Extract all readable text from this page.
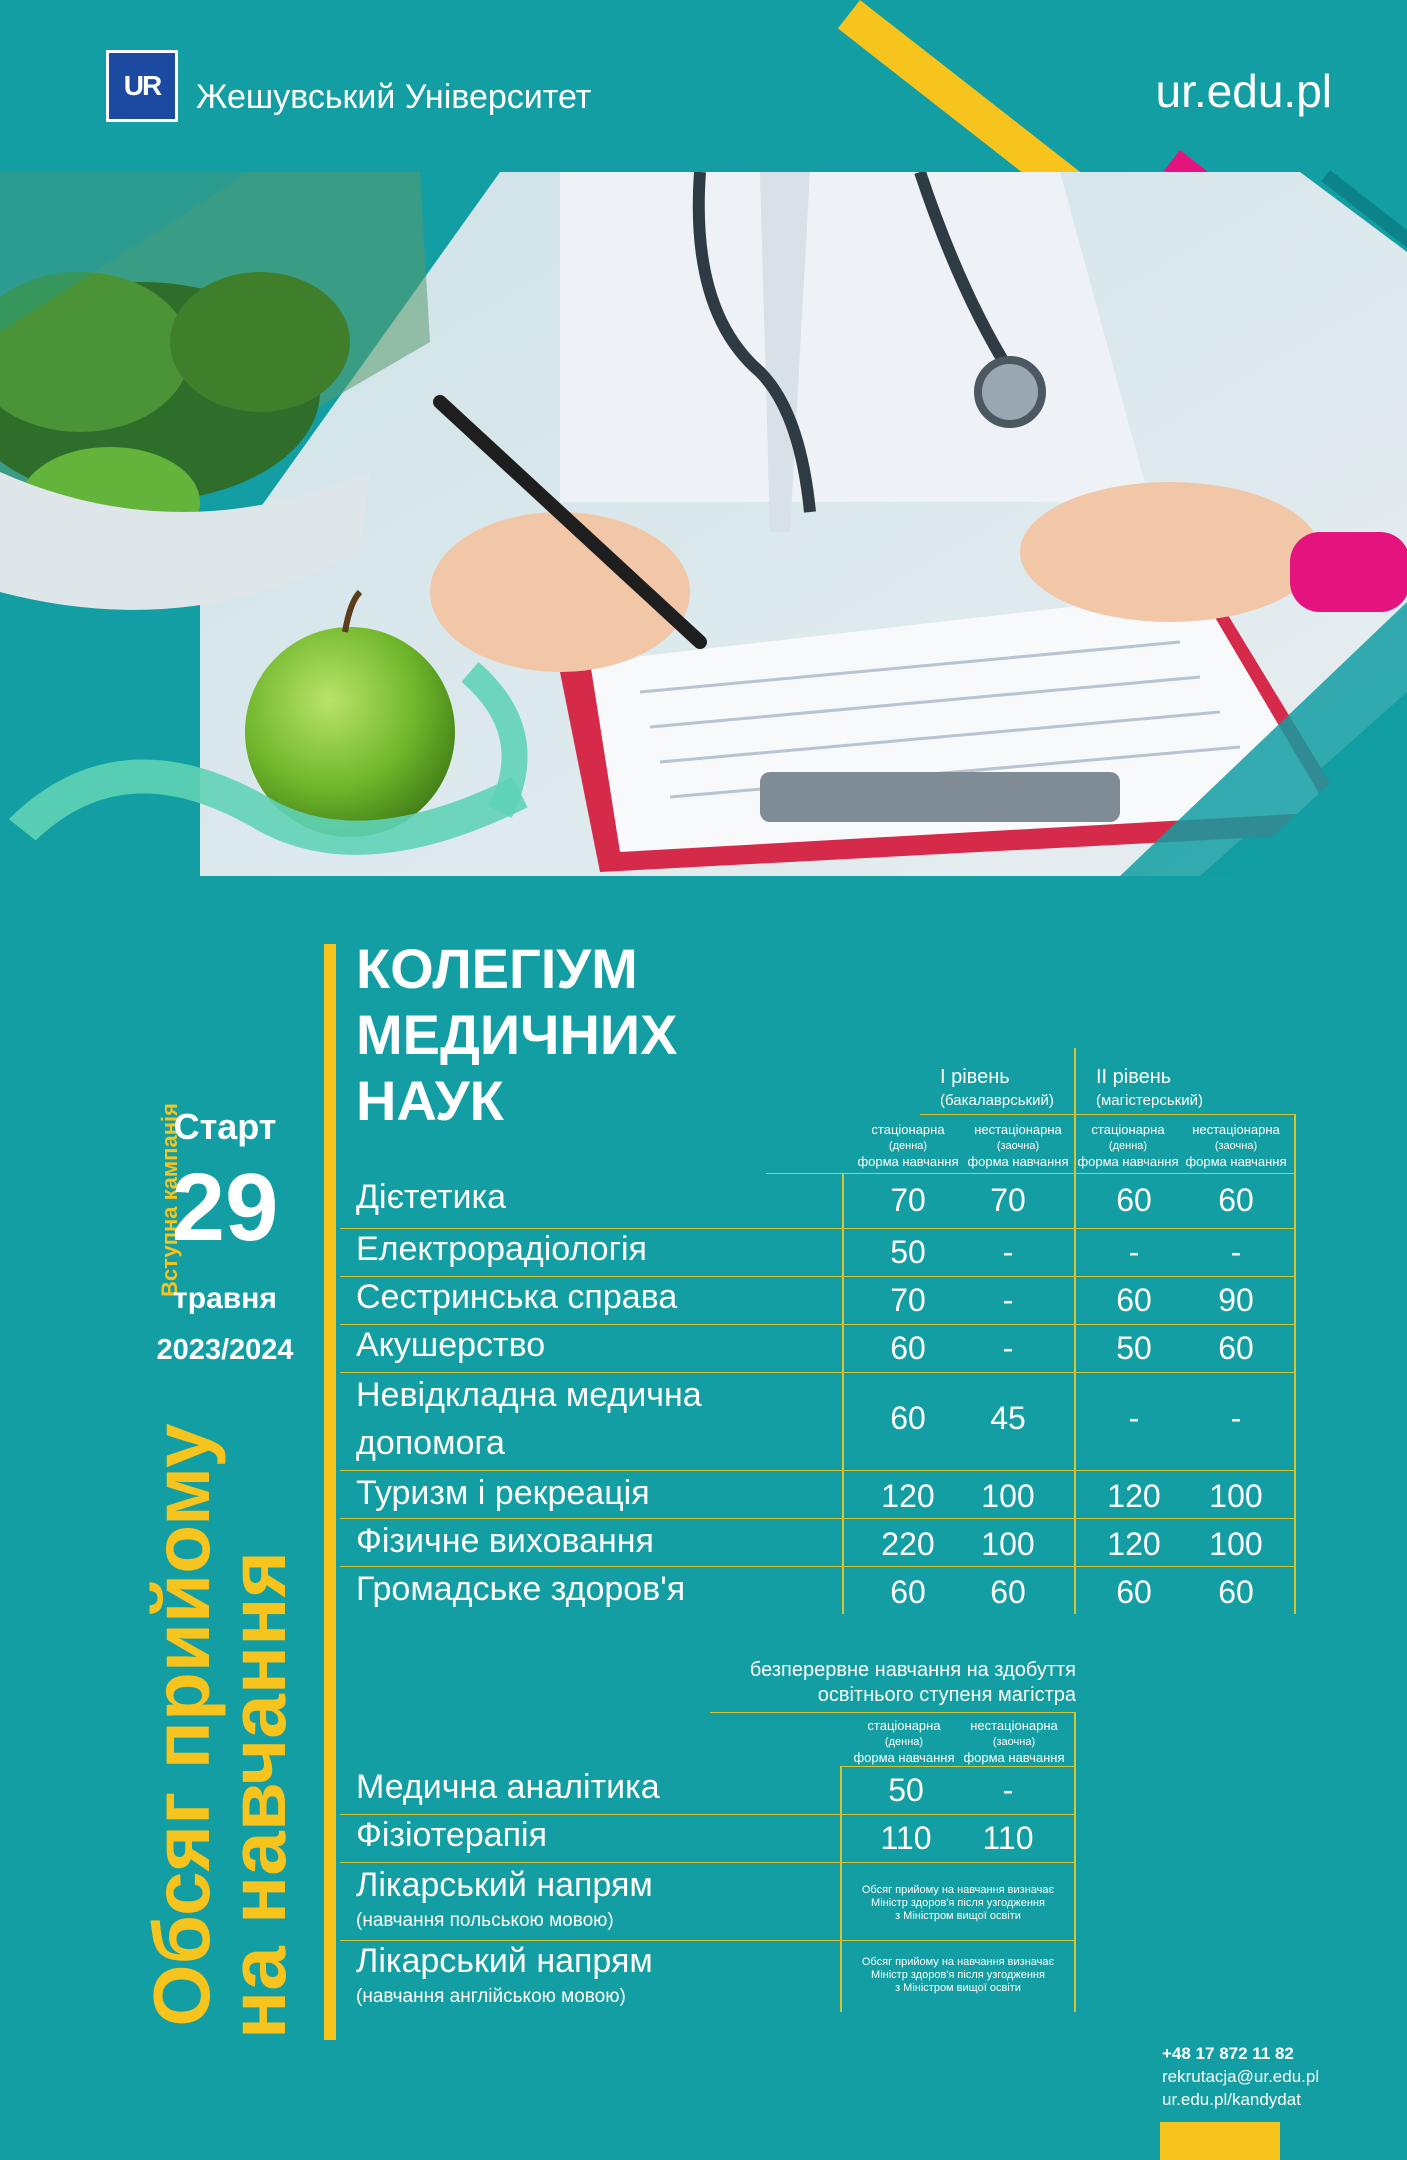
UR Жешувський Університет	ur.edu.pl
Вступна кампанія
Обсяг прийому
на навчання
Старт
29
травня
2023/2024
КОЛЕГІУМ
МЕДИЧНИХ
НАУК	I рівень
(бакалаврський)
II рівень
(магістерський)
стаціонарна
(денна)
форма навчання
нестаціонарна
(заочна)
форма навчання
стаціонарна
(денна)
форма навчання
нестаціонарна
(заочна)
форма навчання
Дієтетика	70	70	60	60
Електрорадіологія	50	-	-	-
Сестринська справа	70	-	60	90
Акушерство	60	-	50	60
Невідкладна медична
допомога
60	45	-	-
Туризм і рекреація	120	100	120	100
Фізичне виховання	220	100	120	100
Громадське здоров'я	60	60	60	60
безперервне навчання на здобуття
освітнього ступеня магістра
стаціонарна
(денна)
форма навчання
нестаціонарна
(заочна)
форма навчання
Медична аналітика	50	-
Фізіотерапія	110	110
Лікарський напрям
(навчання польською мовою)
Обсяг прийому на навчання визначає
Міністр здоров'я після узгодження
з Міністром вищої освіти
Лікарський напрям
(навчання англійською мовою)
Обсяг прийому на навчання визначає
Міністр здоров'я після узгодження
з Міністром вищої освіти
+48 17 872 11 82
rekrutacja@ur.edu.pl
ur.edu.pl/kandydat
